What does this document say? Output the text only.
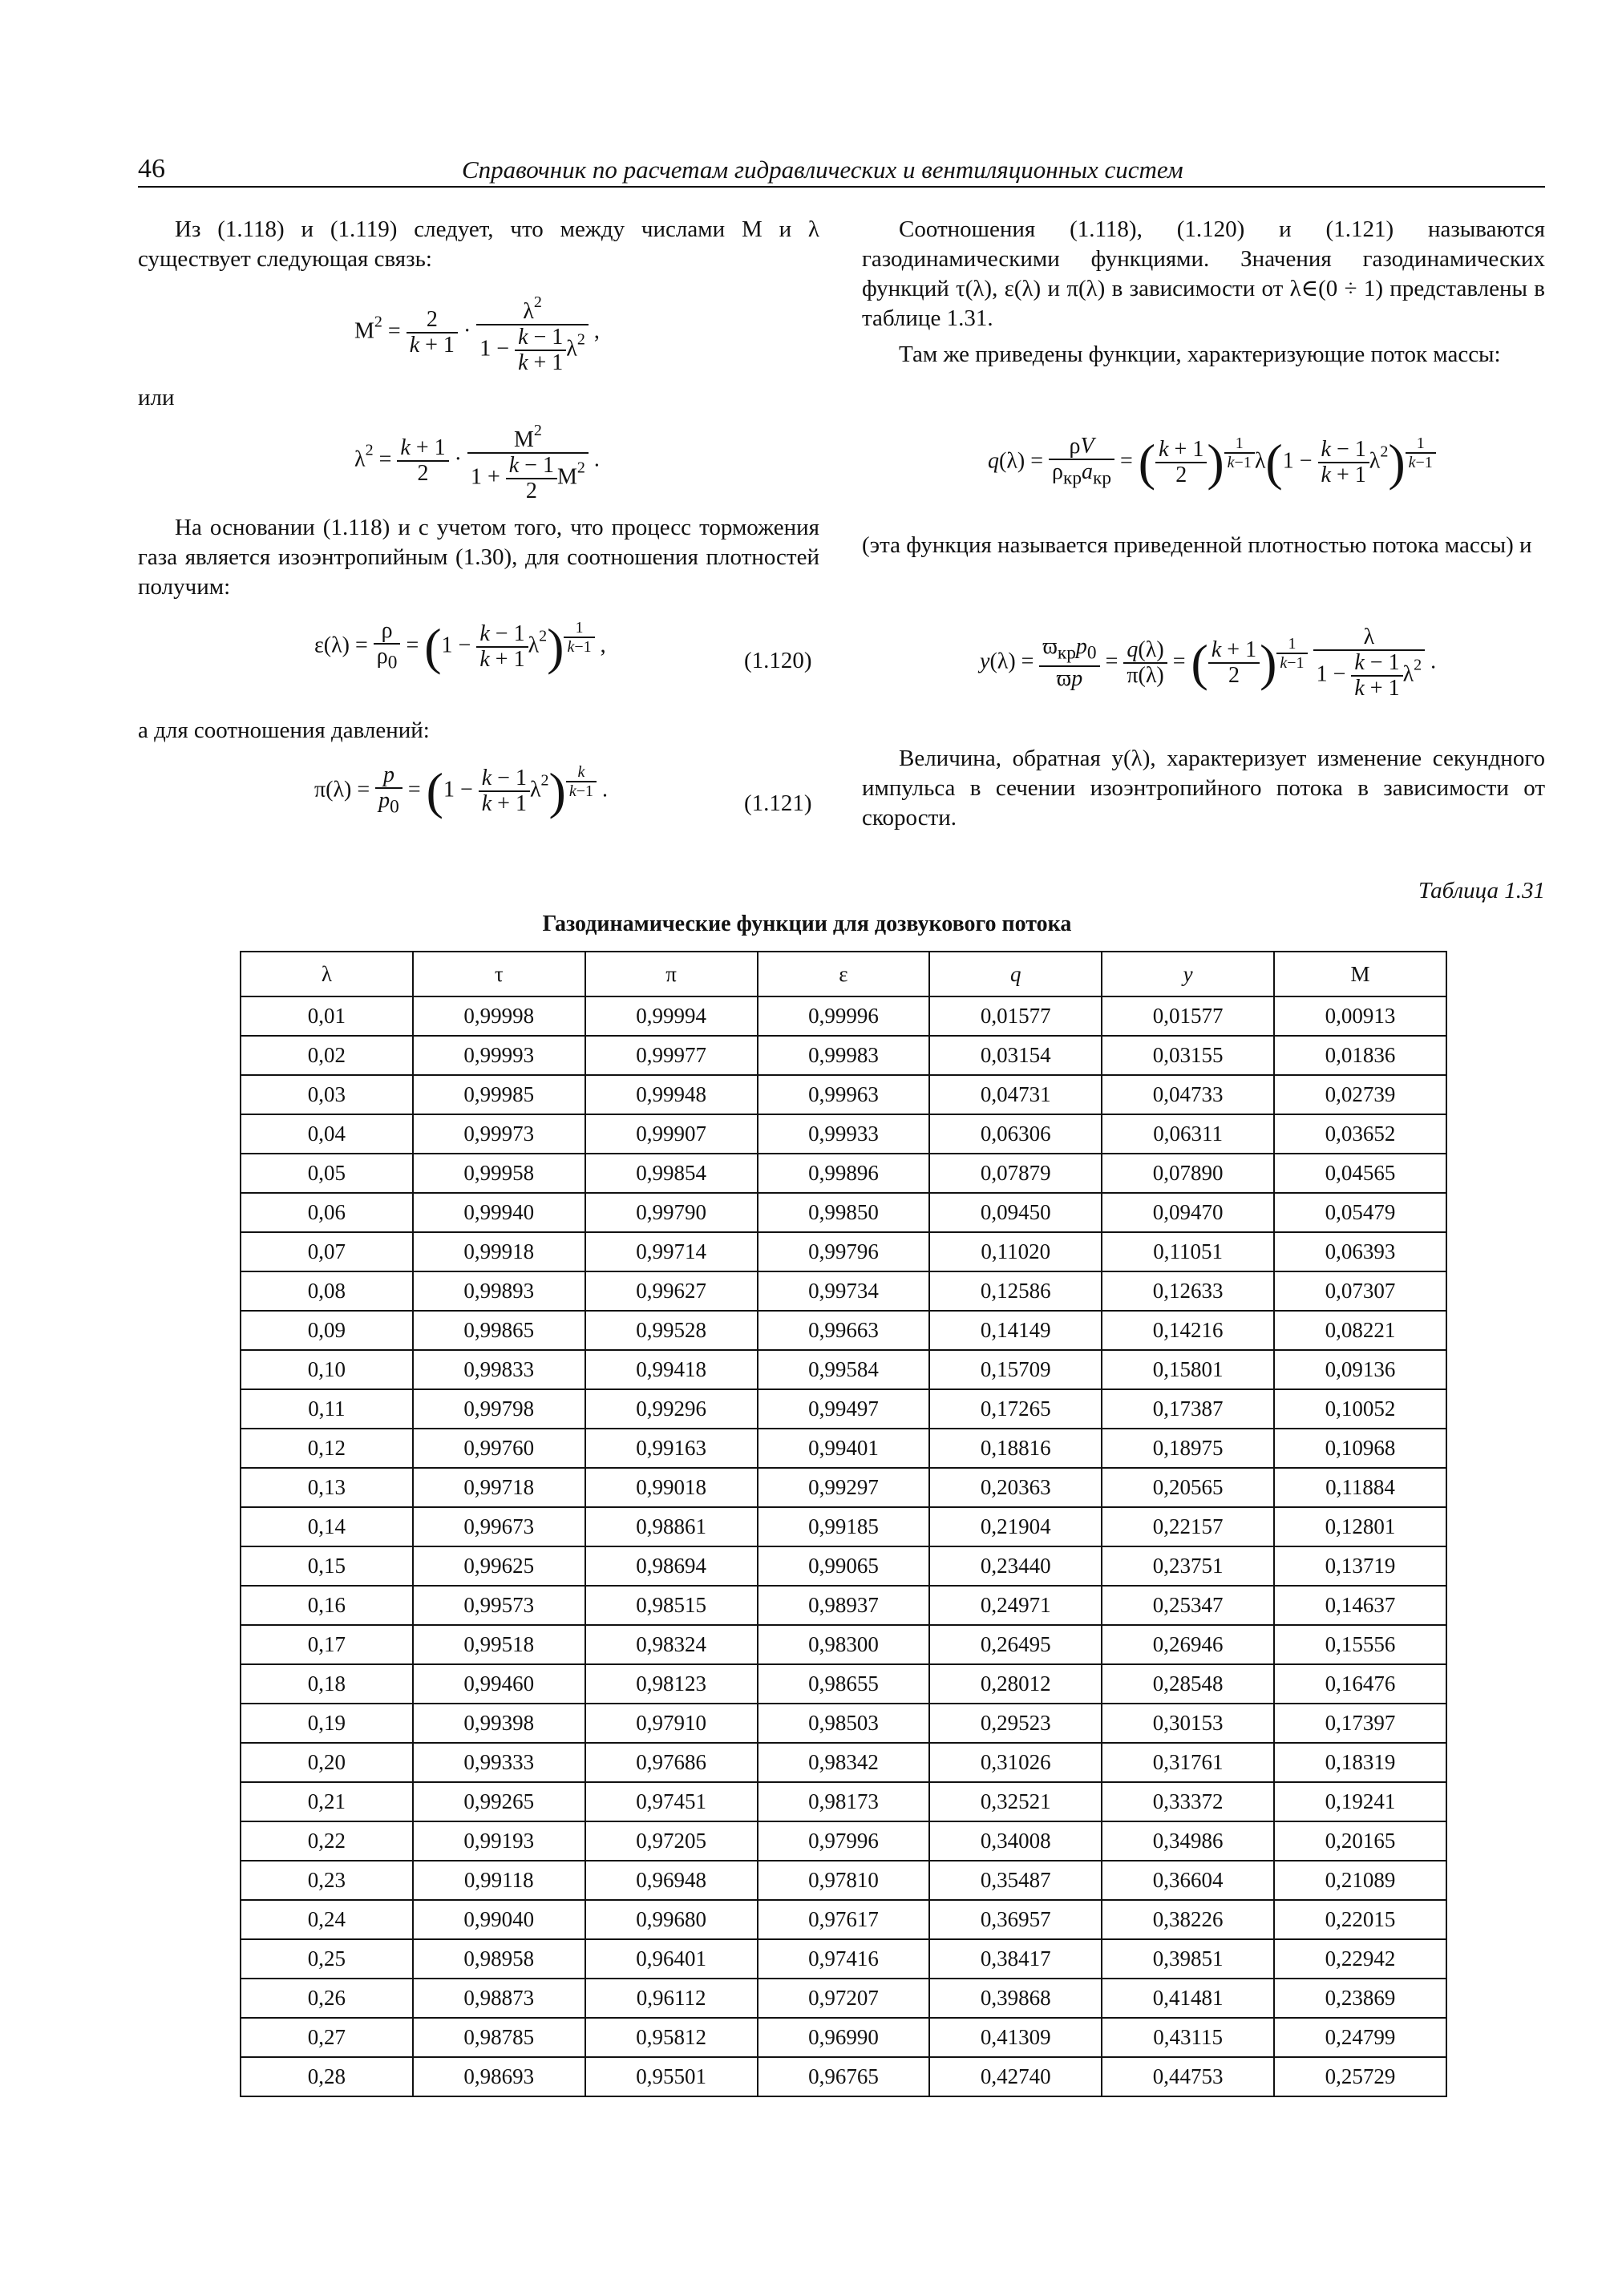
46	Справочник по расчетам гидравлических и вентиляционных систем

Из (1.118) и (1.119) следует, что между числами М и λ существует следующая связь:

$M^2 = \frac{2}{k + 1} \cdot \frac{\lambda^2}{1 - \frac{k - 1}{k + 1} \lambda^2}$ ,

или

$\lambda^2 = \frac{k + 1}{2} \cdot \frac{M^2}{1 + \frac{k - 1}{2} M^2}$ .

На основании (1.118) и с учетом того, что процесс торможения газа является изоэнтропийным (1.30), для соотношения плотностей получим:

$\varepsilon(\lambda) = \frac{\rho}{\rho_0} = (1 - \frac{k - 1}{k + 1} \lambda^2)$ $^{\frac{1}{k-1}}$ ,
(1.120)

а для соотношения давлений:

$\pi(\lambda) = \frac{p}{p_0} = (1 - \frac{k - 1}{k + 1} \lambda^2)$ $^{\frac{k}{k-1}}$ .
(1.121)

Соотношения (1.118), (1.120) и (1.121) называются газодинамическими функциями. Значения газодинамических функций τ(λ), ε(λ) и π(λ) в зависимости от λ∈(0 ÷ 1) представлены в таблице 1.31.

Там же приведены функции, характеризующие поток массы:

q(λ) =
ρV
$\rho_{кр}a_{кр}$
= ( $\frac{k + 1}{2}$ ) $^{\frac{1}{k-1}}$ $\lambda(1 - \frac{k - 1}{k + 1} \lambda^2)$ $^{\frac{1}{k-1}}$

(эта функция называется приведенной плотностью потока массы) и

y(λ) =
$ϖ_{кр}p_0$
ϖp
= $\frac{q(\lambda)}{\pi(\lambda)}$ = ( $\frac{k + 1}{2}$ ) $^{\frac{1}{k-1}}$
$\frac{\lambda}{1 - \frac{k - 1}{k + 1} \lambda^2}$ .

Величина, обратная y(λ), характеризует изменение секундного импульса в сечении изоэнтропийного потока в зависимости от скорости.

Таблица 1.31
Газодинамические функции для дозвукового потока
λ	τ	π	ε	q	y	M
0,01	0,99998	0,99994	0,99996	0,01577	0,01577	0,00913
0,02	0,99993	0,99977	0,99983	0,03154	0,03155	0,01836
0,03	0,99985	0,99948	0,99963	0,04731	0,04733	0,02739
0,04	0,99973	0,99907	0,99933	0,06306	0,06311	0,03652
0,05	0,99958	0,99854	0,99896	0,07879	0,07890	0,04565
0,06	0,99940	0,99790	0,99850	0,09450	0,09470	0,05479
0,07	0,99918	0,99714	0,99796	0,11020	0,11051	0,06393
0,08	0,99893	0,99627	0,99734	0,12586	0,12633	0,07307
0,09	0,99865	0,99528	0,99663	0,14149	0,14216	0,08221
0,10	0,99833	0,99418	0,99584	0,15709	0,15801	0,09136
0,11	0,99798	0,99296	0,99497	0,17265	0,17387	0,10052
0,12	0,99760	0,99163	0,99401	0,18816	0,18975	0,10968
0,13	0,99718	0,99018	0,99297	0,20363	0,20565	0,11884
0,14	0,99673	0,98861	0,99185	0,21904	0,22157	0,12801
0,15	0,99625	0,98694	0,99065	0,23440	0,23751	0,13719
0,16	0,99573	0,98515	0,98937	0,24971	0,25347	0,14637
0,17	0,99518	0,98324	0,98300	0,26495	0,26946	0,15556
0,18	0,99460	0,98123	0,98655	0,28012	0,28548	0,16476
0,19	0,99398	0,97910	0,98503	0,29523	0,30153	0,17397
0,20	0,99333	0,97686	0,98342	0,31026	0,31761	0,18319
0,21	0,99265	0,97451	0,98173	0,32521	0,33372	0,19241
0,22	0,99193	0,97205	0,97996	0,34008	0,34986	0,20165
0,23	0,99118	0,96948	0,97810	0,35487	0,36604	0,21089
0,24	0,99040	0,99680	0,97617	0,36957	0,38226	0,22015
0,25	0,98958	0,96401	0,97416	0,38417	0,39851	0,22942
0,26	0,98873	0,96112	0,97207	0,39868	0,41481	0,23869
0,27	0,98785	0,95812	0,96990	0,41309	0,43115	0,24799
0,28	0,98693	0,95501	0,96765	0,42740	0,44753	0,25729
